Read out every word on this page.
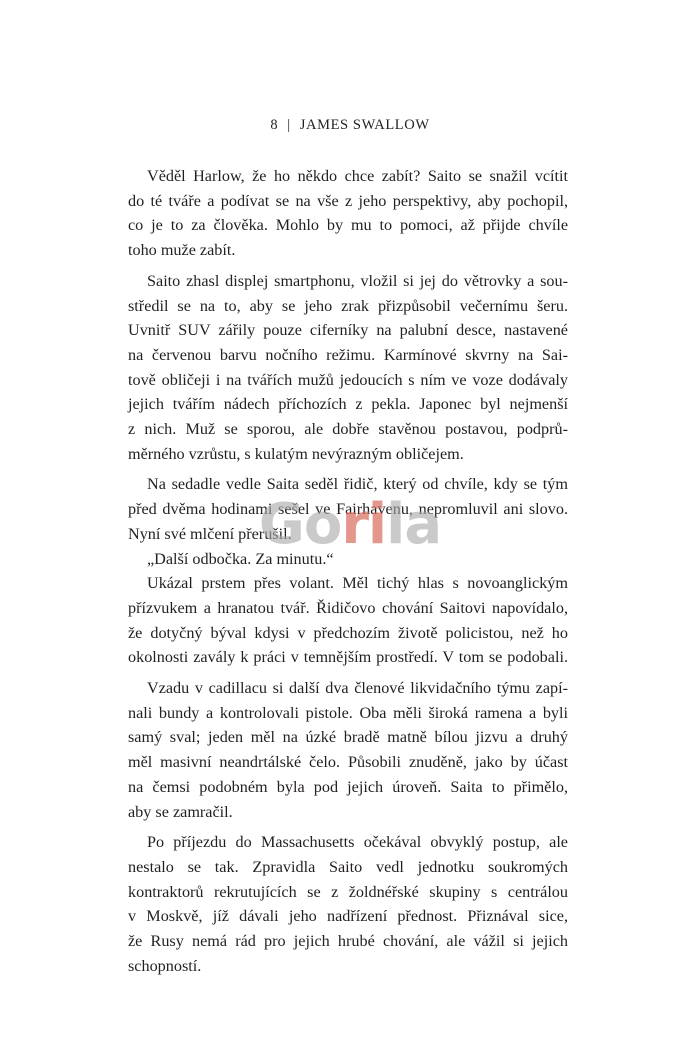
8 | JAMES SWALLOW

Věděl Harlow, že ho někdo chce zabít? Saito se snažil vcítit
do té tváře a podívat se na vše z jeho perspektivy, aby pochopil,
co je to za člověka. Mohlo by mu to pomoci, až přijde chvíle
toho muže zabít.

Saito zhasl displej smartphonu, vložil si jej do větrovky a sou-
středil se na to, aby se jeho zrak přizpůsobil večernímu šeru.
Uvnitř SUV zářily pouze ciferníky na palubní desce, nastavené
na červenou barvu nočního režimu. Karmínové skvrny na Sai-
tově obličeji i na tvářích mužů jedoucích s ním ve voze dodávaly
jejich tvářím nádech příchozích z pekla. Japonec byl nejmenší
z nich. Muž se sporou, ale dobře stavěnou postavou, podprů-
měrného vzrůstu, s kulatým nevýrazným obličejem.

Na sedadle vedle Saita seděl řidič, který od chvíle, kdy se tým
před dvěma hodinami sešel ve Fairhavenu, nepromluvil ani slovo.
Nyní své mlčení přerušil.

„Další odbočka. Za minutu.“

Ukázal prstem přes volant. Měl tichý hlas s novoanglickým
přízvukem a hranatou tvář. Řidičovo chování Saitovi napovídalo,
že dotyčný býval kdysi v předchozím životě policistou, než ho
okolnosti zavály k práci v temnějším prostředí. V tom se podobali.

Vzadu v cadillacu si další dva členové likvidačního týmu zapí-
nali bundy a kontrolovali pistole. Oba měli široká ramena a byli
samý sval; jeden měl na úzké bradě matně bílou jizvu a druhý
měl masivní neandrtálské čelo. Působili znuděně, jako by účast
na čemsi podobném byla pod jejich úroveň. Saita to přimělo,
aby se zamračil.

Po příjezdu do Massachusetts očekával obvyklý postup, ale
nestalo se tak. Zpravidla Saito vedl jednotku soukromých
kontraktorů rekrutujících se z žoldnéřské skupiny s centrálou
v Moskvě, jíž dávali jeho nadřízení přednost. Přiznával sice,
že Rusy nemá rád pro jejich hrubé chování, ale vážil si jejich
schopností.

Gorila
